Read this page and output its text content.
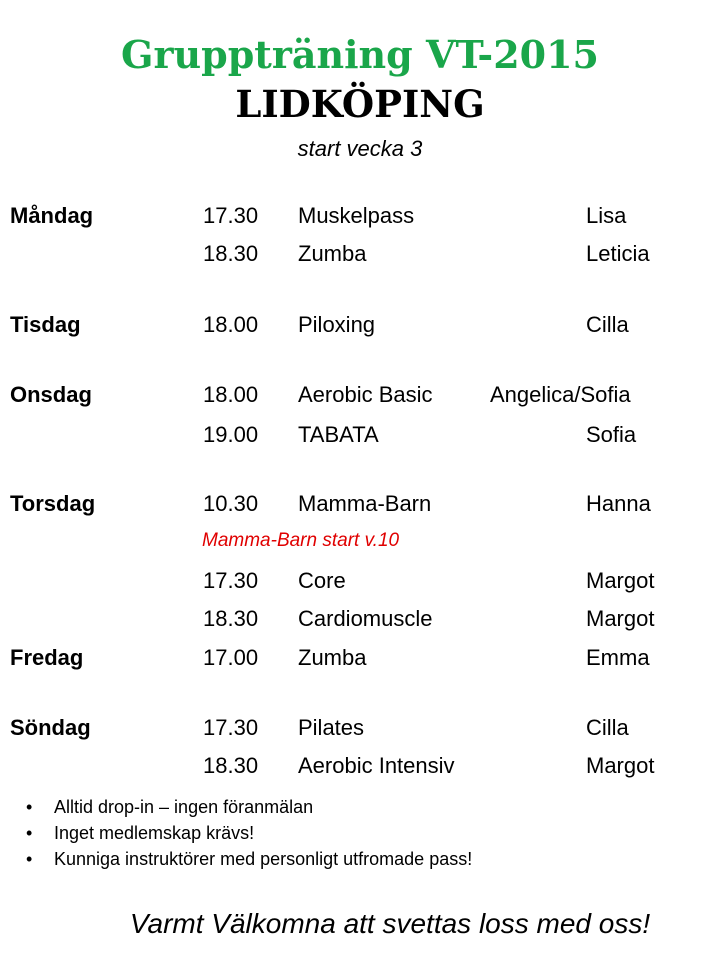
Gruppträning VT-2015
LIDKÖPING
start vecka 3
Måndag	17.30 Muskelpass	Lisa
18.30 Zumba	Leticia
Tisdag	18.00 Piloxing	Cilla
Onsdag	18.00 Aerobic Basic	Angelica/Sofia
19.00 TABATA	Sofia
Torsdag	10.30 Mamma-Barn	Hanna
Mamma-Barn start v.10
17.30 Core	Margot
18.30 Cardiomuscle	Margot
Fredag	17.00 Zumba	Emma
Söndag	17.30 Pilates	Cilla
18.30 Aerobic Intensiv	Margot
• Alltid drop-in – ingen föranmälan
• Inget medlemskap krävs!
• Kunniga instruktörer med personligt utfromade pass!
Varmt Välkomna att svettas loss med oss!
